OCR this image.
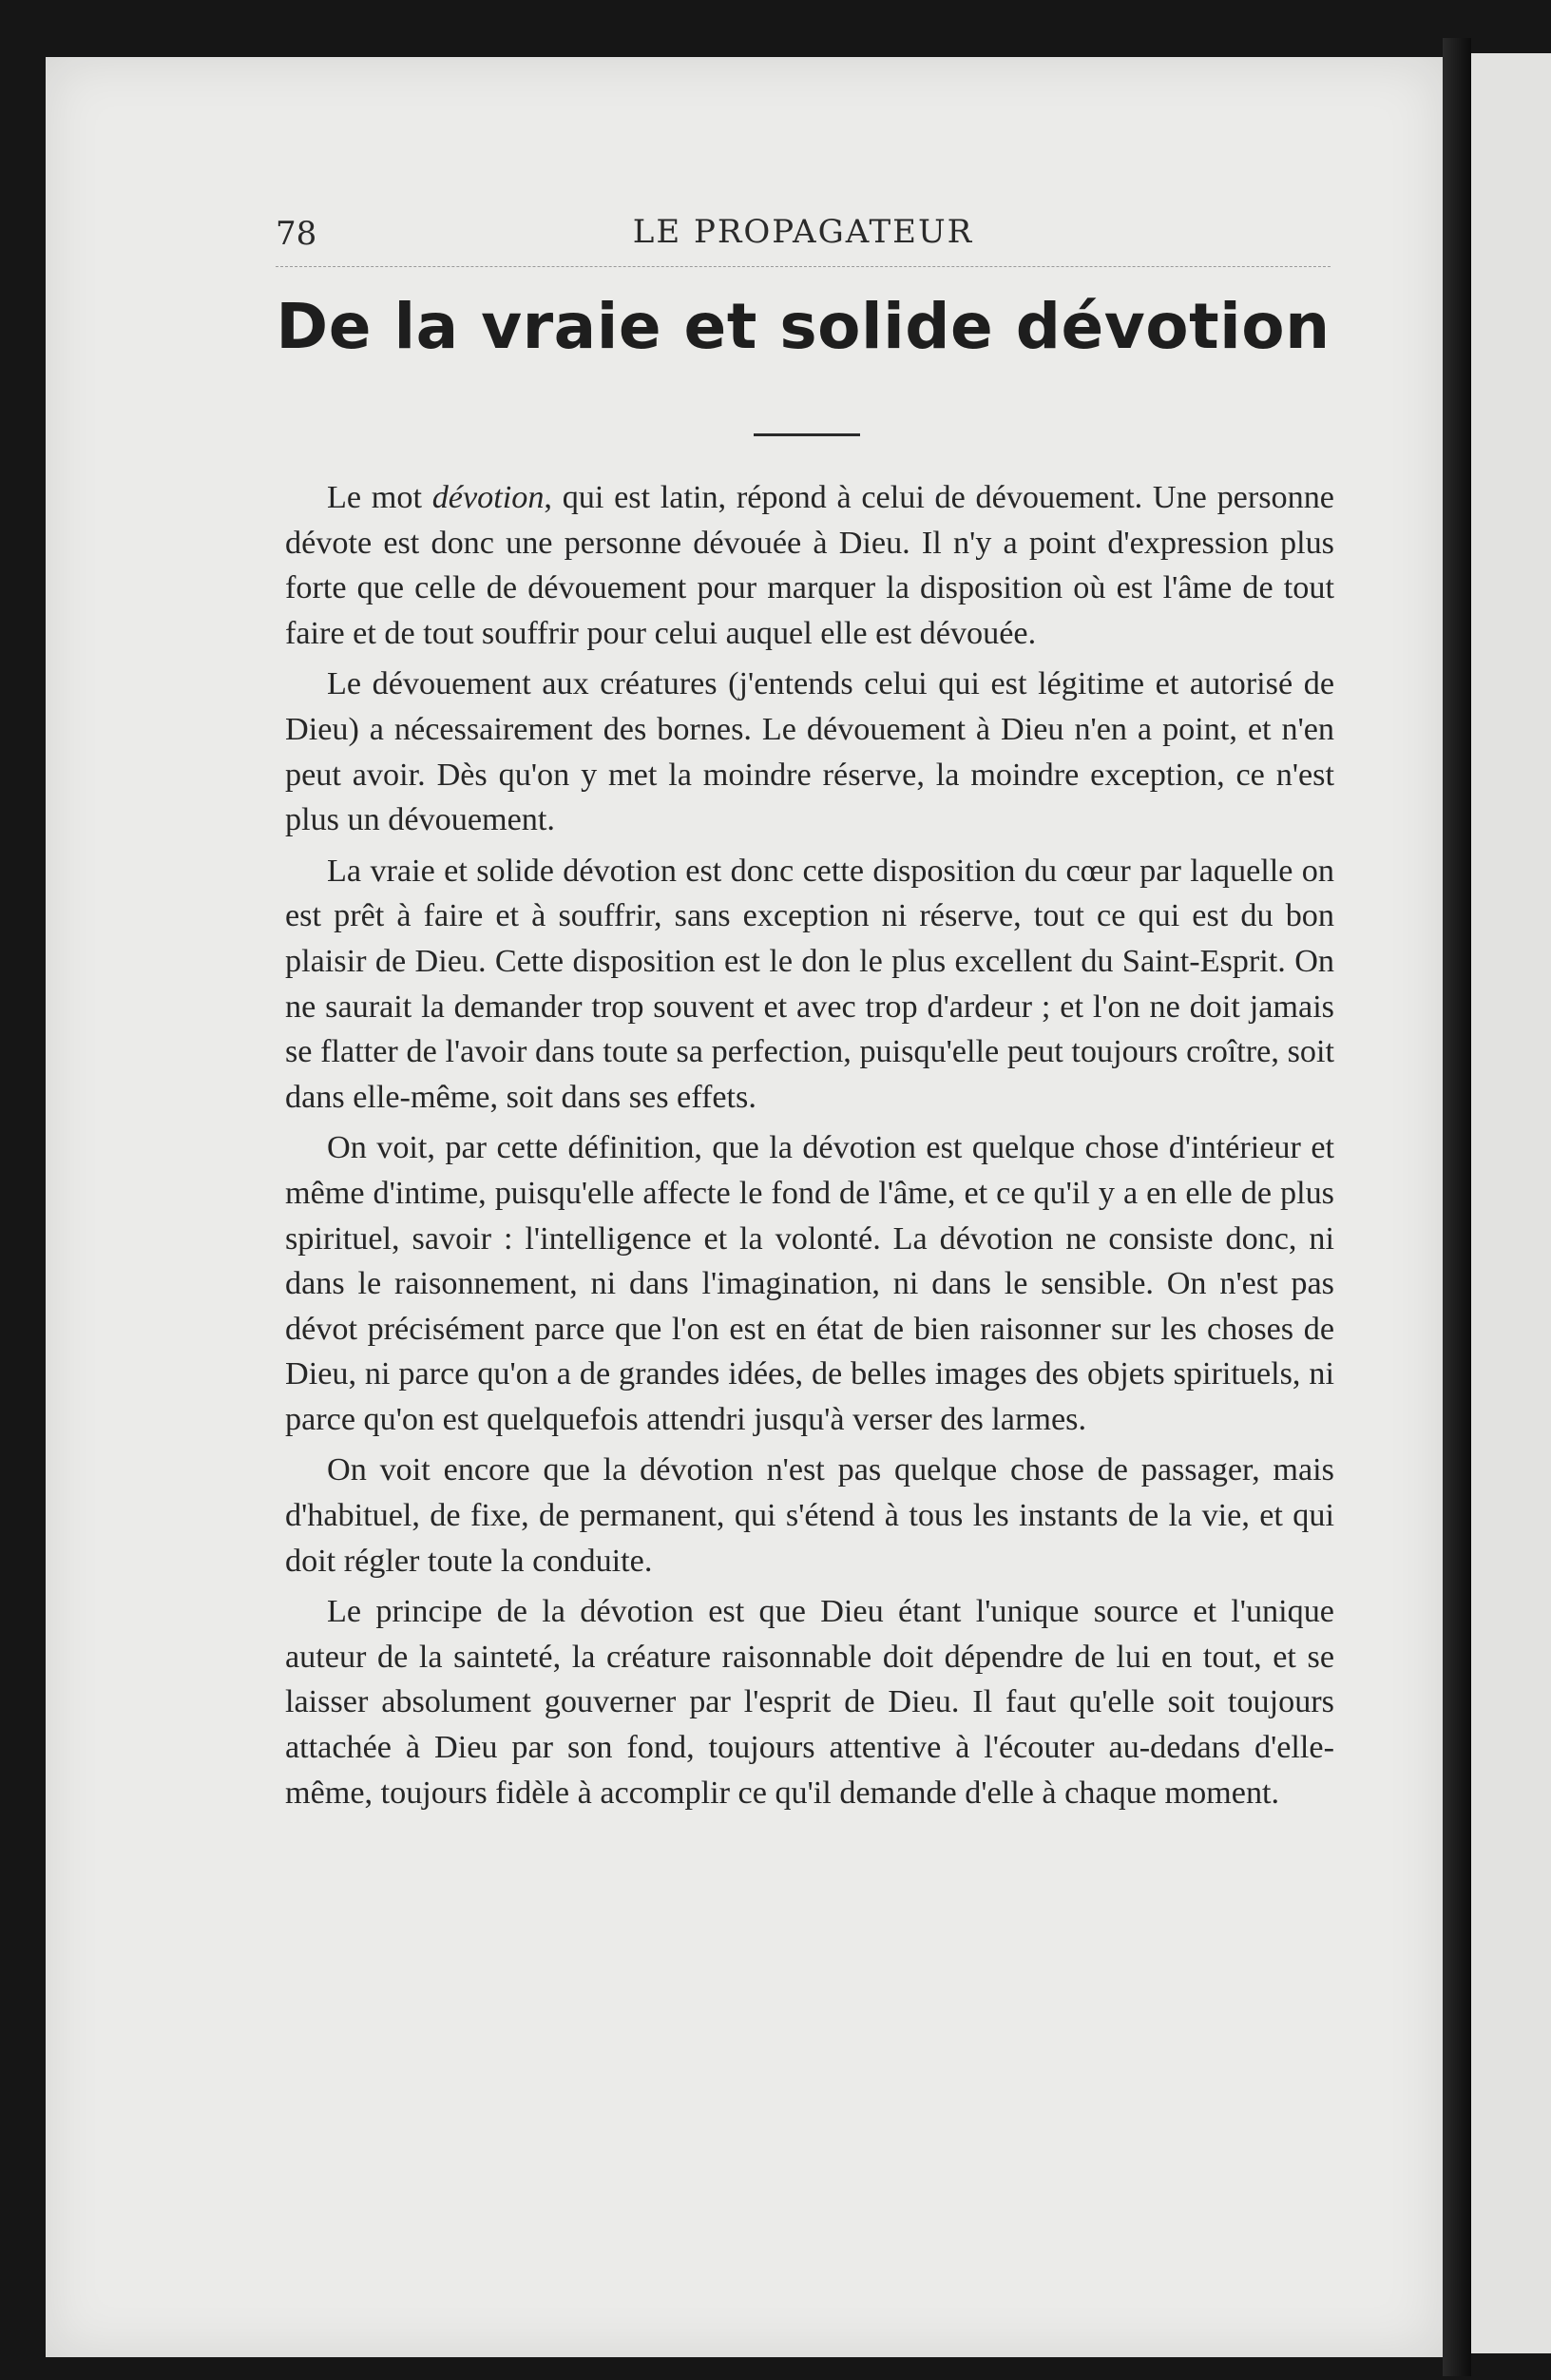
78	LE PROPAGATEUR
De la vraie et solide dévotion

Le mot dévotion, qui est latin, répond à celui de dévouement. Une personne dévote est donc une personne dévouée à Dieu. Il n'y a point d'expression plus forte que celle de dévouement pour marquer la disposition où est l'âme de tout faire et de tout souffrir pour celui auquel elle est dévouée.

Le dévouement aux créatures (j'entends celui qui est légitime et autorisé de Dieu) a nécessairement des bornes. Le dévouement à Dieu n'en a point, et n'en peut avoir. Dès qu'on y met la moindre réserve, la moindre exception, ce n'est plus un dévouement.

La vraie et solide dévotion est donc cette disposition du cœur par laquelle on est prêt à faire et à souffrir, sans exception ni réserve, tout ce qui est du bon plaisir de Dieu. Cette disposition est le don le plus excellent du Saint-Esprit. On ne saurait la demander trop souvent et avec trop d'ardeur ; et l'on ne doit jamais se flatter de l'avoir dans toute sa perfection, puisqu'elle peut toujours croître, soit dans elle-même, soit dans ses effets.

On voit, par cette définition, que la dévotion est quelque chose d'intérieur et même d'intime, puisqu'elle affecte le fond de l'âme, et ce qu'il y a en elle de plus spirituel, savoir : l'intelligence et la volonté. La dévotion ne consiste donc, ni dans le raisonnement, ni dans l'imagination, ni dans le sensible. On n'est pas dévot précisément parce que l'on est en état de bien raisonner sur les choses de Dieu, ni parce qu'on a de grandes idées, de belles images des objets spirituels, ni parce qu'on est quelquefois attendri jusqu'à verser des larmes.

On voit encore que la dévotion n'est pas quelque chose de passager, mais d'habituel, de fixe, de permanent, qui s'étend à tous les instants de la vie, et qui doit régler toute la conduite.

Le principe de la dévotion est que Dieu étant l'unique source et l'unique auteur de la sainteté, la créature raisonnable doit dépendre de lui en tout, et se laisser absolument gouverner par l'esprit de Dieu. Il faut qu'elle soit toujours attachée à Dieu par son fond, toujours attentive à l'écouter au-dedans d'elle-même, toujours fidèle à accomplir ce qu'il demande d'elle à chaque moment.
